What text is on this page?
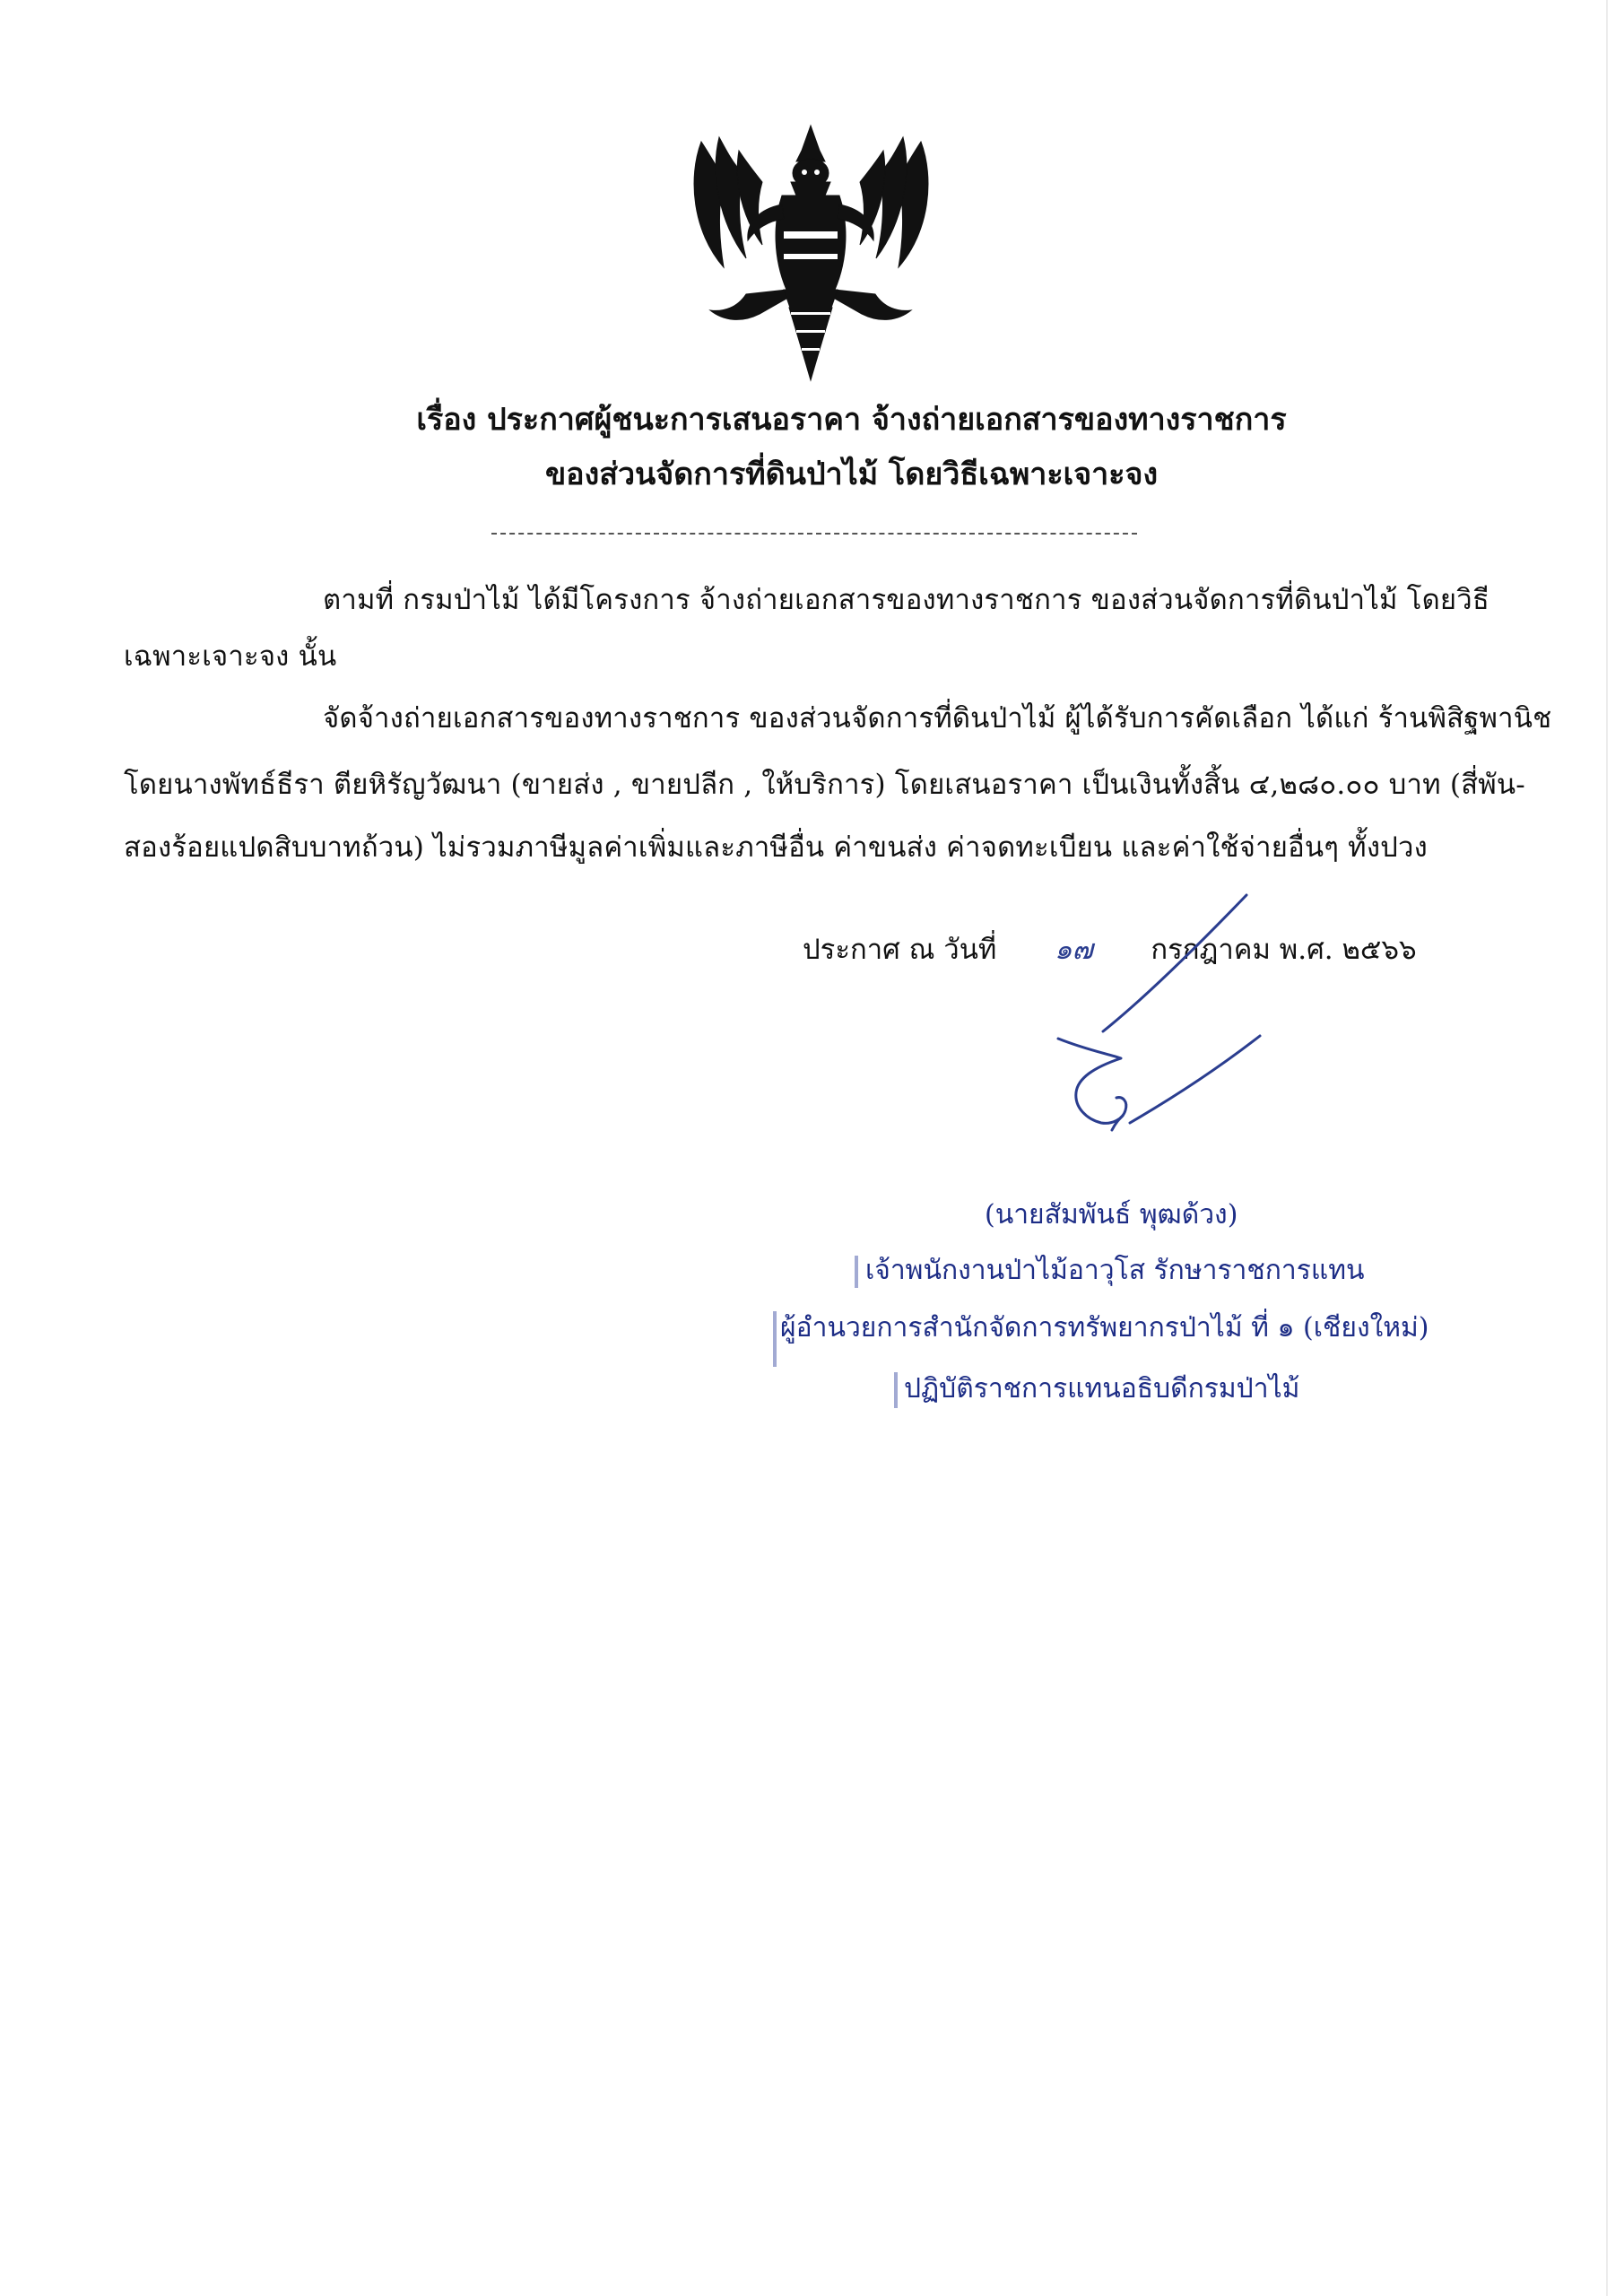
เรื่อง ประกาศผู้ชนะการเสนอราคา จ้างถ่ายเอกสารของทางราชการ
ของส่วนจัดการที่ดินป่าไม้ โดยวิธีเฉพาะเจาะจง
ตามที่ กรมป่าไม้ ได้มีโครงการ จ้างถ่ายเอกสารของทางราชการ ของส่วนจัดการที่ดินป่าไม้ โดยวิธี
เฉพาะเจาะจง นั้น
จัดจ้างถ่ายเอกสารของทางราชการ ของส่วนจัดการที่ดินป่าไม้ ผู้ได้รับการคัดเลือก ได้แก่ ร้านพิสิฐพานิช
โดยนางพัทธ์ธีรา ตียหิรัญวัฒนา (ขายส่ง , ขายปลีก , ให้บริการ) โดยเสนอราคา เป็นเงินทั้งสิ้น ๔,๒๘๐.๐๐ บาท (สี่พัน-
สองร้อยแปดสิบบาทถ้วน) ไม่รวมภาษีมูลค่าเพิ่มและภาษีอื่น ค่าขนส่ง ค่าจดทะเบียน และค่าใช้จ่ายอื่นๆ ทั้งปวง
ประกาศ ณ วันที่ ๑๗ กรกฎาคม พ.ศ. ๒๕๖๖
(นายสัมพันธ์ พุฒด้วง)
เจ้าพนักงานป่าไม้อาวุโส รักษาราชการแทน
ผู้อำนวยการสำนักจัดการทรัพยากรป่าไม้ ที่ ๑ (เชียงใหม่)
ปฏิบัติราชการแทนอธิบดีกรมป่าไม้
